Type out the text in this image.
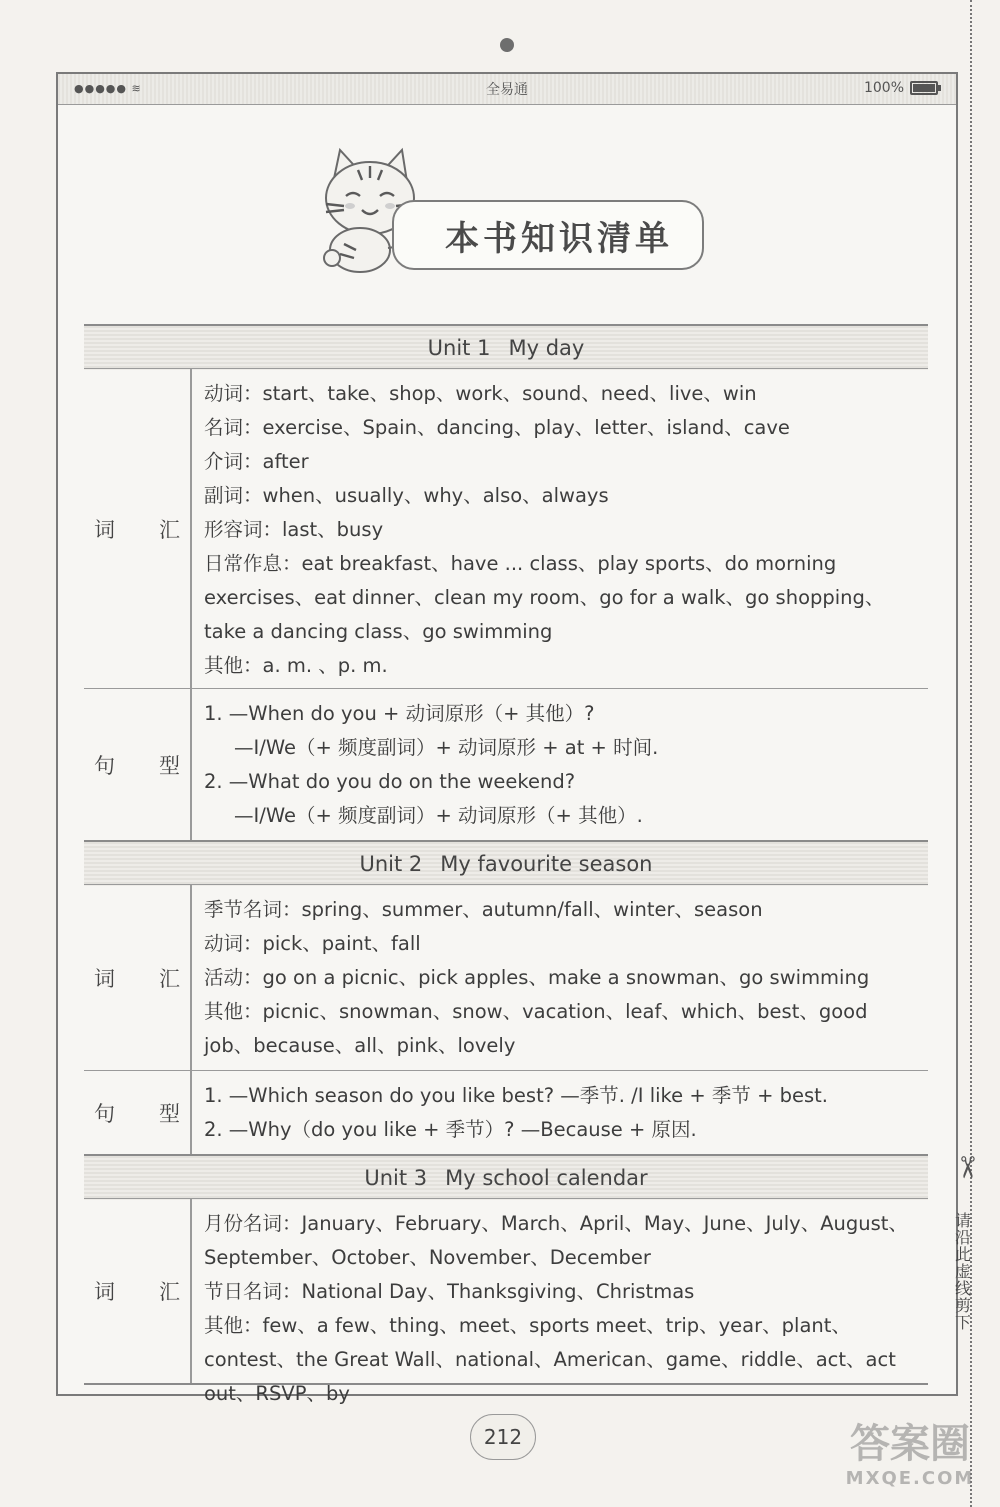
●●●●● ≋	全易通	100%
本书知识清单
Unit 1 My day
词 汇

动词：start、take、shop、work、sound、need、live、win

名词：exercise、Spain、dancing、play、letter、island、cave

介词：after

副词：when、usually、why、also、always

形容词：last、busy

日常作息：eat breakfast、have ... class、play sports、do morning exercises、eat dinner、clean my room、go for a walk、go shopping、take a dancing class、go swimming

其他：a. m. 、p. m.

句 型

1. —When do you + 动词原形（+ 其他）?

—I/We（+ 频度副词）+ 动词原形 + at + 时间.

2. —What do you do on the weekend?

—I/We（+ 频度副词）+ 动词原形（+ 其他）.

Unit 2 My favourite season
词 汇

季节名词：spring、summer、autumn/fall、winter、season

动词：pick、paint、fall

活动：go on a picnic、pick apples、make a snowman、go swimming

其他：picnic、snowman、snow、vacation、leaf、which、best、good job、because、all、pink、lovely

句 型

1. —Which season do you like best? —季节. /I like + 季节 + best.

2. —Why（do you like + 季节）? —Because + 原因.

Unit 3 My school calendar
词 汇

月份名词：January、February、March、April、May、June、July、August、September、October、November、December

节日名词：National Day、Thanksgiving、Christmas

其他：few、a few、thing、meet、sports meet、trip、year、plant、contest、the Great Wall、national、American、game、riddle、act、act out、RSVP、by

212
✂
请沿此虚线剪下
答案圈
MXQE.COM
